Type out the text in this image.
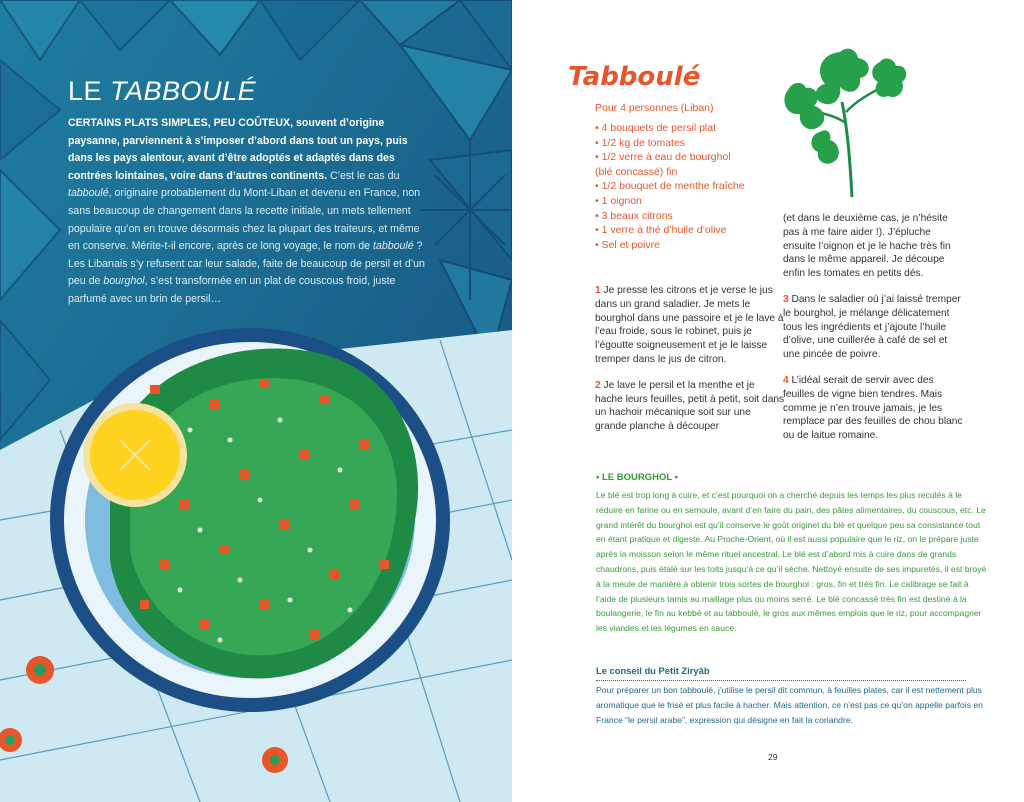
LE TABBOULÉ
CERTAINS PLATS SIMPLES, PEU COÛTEUX, souvent d’origine paysanne, parviennent à s’imposer d’abord dans tout un pays, puis dans les pays alentour, avant d’être adoptés et adaptés dans des contrées lointaines, voire dans d’autres continents. C’est le cas du tabboulé, originaire probablement du Mont-Liban et devenu en France, non sans beaucoup de changement dans la recette initiale, un mets tellement populaire qu’on en trouve désormais chez la plupart des traiteurs, et même en conserve. Mérite-t-il encore, après ce long voyage, le nom de tabboulé ? Les Libanais s’y refusent car leur salade, faite de beaucoup de persil et d’un peu de bourghol, s’est transformée en un plat de couscous froid, juste parfumé avec un brin de persil…
Tabboulé
Pour 4 personnes (Liban)
• 4 bouquets de persil plat
• 1/2 kg de tomates
• 1/2 verre à eau de bourghol
(blé concassé) fin
• 1/2 bouquet de menthe fraîche
• 1 oignon
• 3 beaux citrons
• 1 verre à thé d’huile d’olive
• Sel et poivre

1 Je presse les citrons et je verse le jus dans un grand saladier. Je mets le bourghol dans une passoire et je le lave à l’eau froide, sous le robinet, puis je l’égoutte soigneusement et je le laisse tremper dans le jus de citron.

2 Je lave le persil et la menthe et je hache leurs feuilles, petit à petit, soit dans un hachoir mécanique soit sur une grande planche à découper

(et dans le deuxième cas, je n’hésite pas à me faire aider !). J’épluche ensuite l’oignon et je le hache très fin dans le même appareil. Je découpe enfin les tomates en petits dés.

3 Dans le saladier où j’ai laissé tremper le bourghol, je mélange délicatement tous les ingrédients et j’ajoute l’huile d’olive, une cuillerée à café de sel et une pincée de poivre.

4 L’idéal serait de servir avec des feuilles de vigne bien tendres. Mais comme je n’en trouve jamais, je les remplace par des feuilles de chou blanc ou de laitue romaine.

• LE BOURGHOL •
Le blé est trop long à cuire, et c’est pourquoi on a cherché depuis les temps les plus reculés à le réduire en farine ou en semoule, avant d’en faire du pain, des pâtes alimentaires, du couscous, etc. Le grand intérêt du bourghol est qu’il conserve le goût originel du blé et quelque peu sa consistance tout en étant pratique et digeste. Au Proche-Orient, où il est aussi populaire que le riz, on le prépare juste après la moisson selon le même rituel ancestral. Le blé est d’abord mis à cuire dans de grands chaudrons, puis étalé sur les toits jusqu’à ce qu’il sèche. Nettoyé ensuite de ses impuretés, il est broyé à la meule de manière à obtenir trois sortes de bourghol : gros, fin et très fin. Le calibrage se fait à l’aide de plusieurs tamis au maillage plus ou moins serré. Le blé concassé très fin est destiné à la boulangerie, le fin au kebbé et au tabboulé, le gros aux mêmes emplois que le riz, pour accompagner les viandes et les légumes en sauce.
Le conseil du Petit Ziryâb
Pour préparer un bon tabboulé, j’utilise le persil dit commun, à feuilles plates, car il est nettement plus aromatique que le frisé et plus facile à hacher. Mais attention, ce n’est pas ce qu’on appelle parfois en France “le persil arabe”, expression qui désigne en fait la coriandre.
29
